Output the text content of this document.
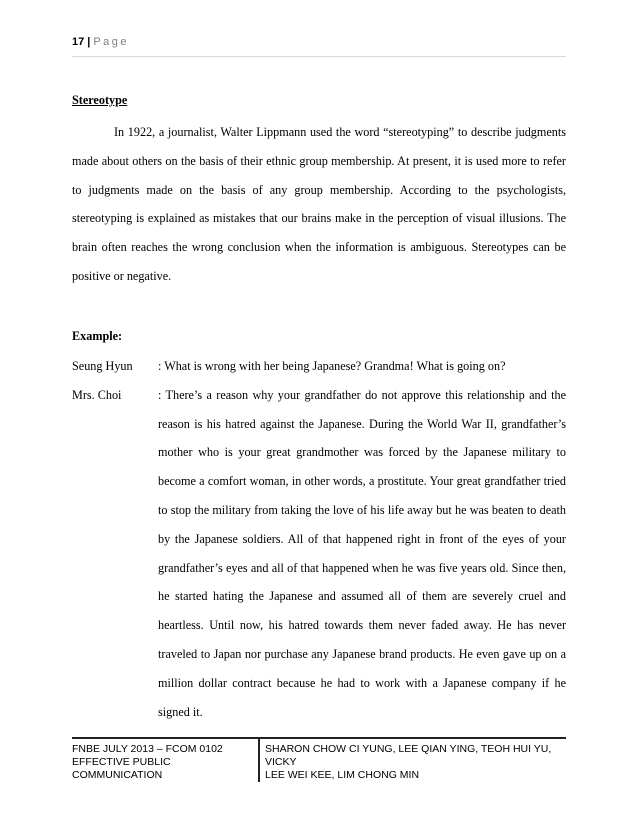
17 | Page

Stereotype

In 1922, a journalist, Walter Lippmann used the word “stereotyping” to describe judgments made about others on the basis of their ethnic group membership. At present, it is used more to refer to judgments made on the basis of any group membership. According to the psychologists, stereotyping is explained as mistakes that our brains make in the perception of visual illusions. The brain often reaches the wrong conclusion when the information is ambiguous. Stereotypes can be positive or negative.

Example:

Seung Hyun	: What is wrong with her being Japanese? Grandma! What is going on?
Mrs. Choi	: There’s a reason why your grandfather do not approve this relationship and the reason is his hatred against the Japanese. During the World War II, grandfather’s mother who is your great grandmother was forced by the Japanese military to become a comfort woman, in other words, a prostitute. Your great grandfather tried to stop the military from taking the love of his life away but he was beaten to death by the Japanese soldiers. All of that happened right in front of the eyes of your grandfather’s eyes and all of that happened when he was five years old. Since then, he started hating the Japanese and assumed all of them are severely cruel and heartless. Until now, his hatred towards them never faded away. He has never traveled to Japan nor purchase any Japanese brand products. He even gave up on a million dollar contract because he had to work with a Japanese company if he signed it.
FNBE JULY 2013 – FCOM 0102
EFFECTIVE PUBLIC COMMUNICATION
SHARON CHOW CI YUNG, LEE QIAN YING, TEOH HUI YU, VICKY
LEE WEI KEE, LIM CHONG MIN
